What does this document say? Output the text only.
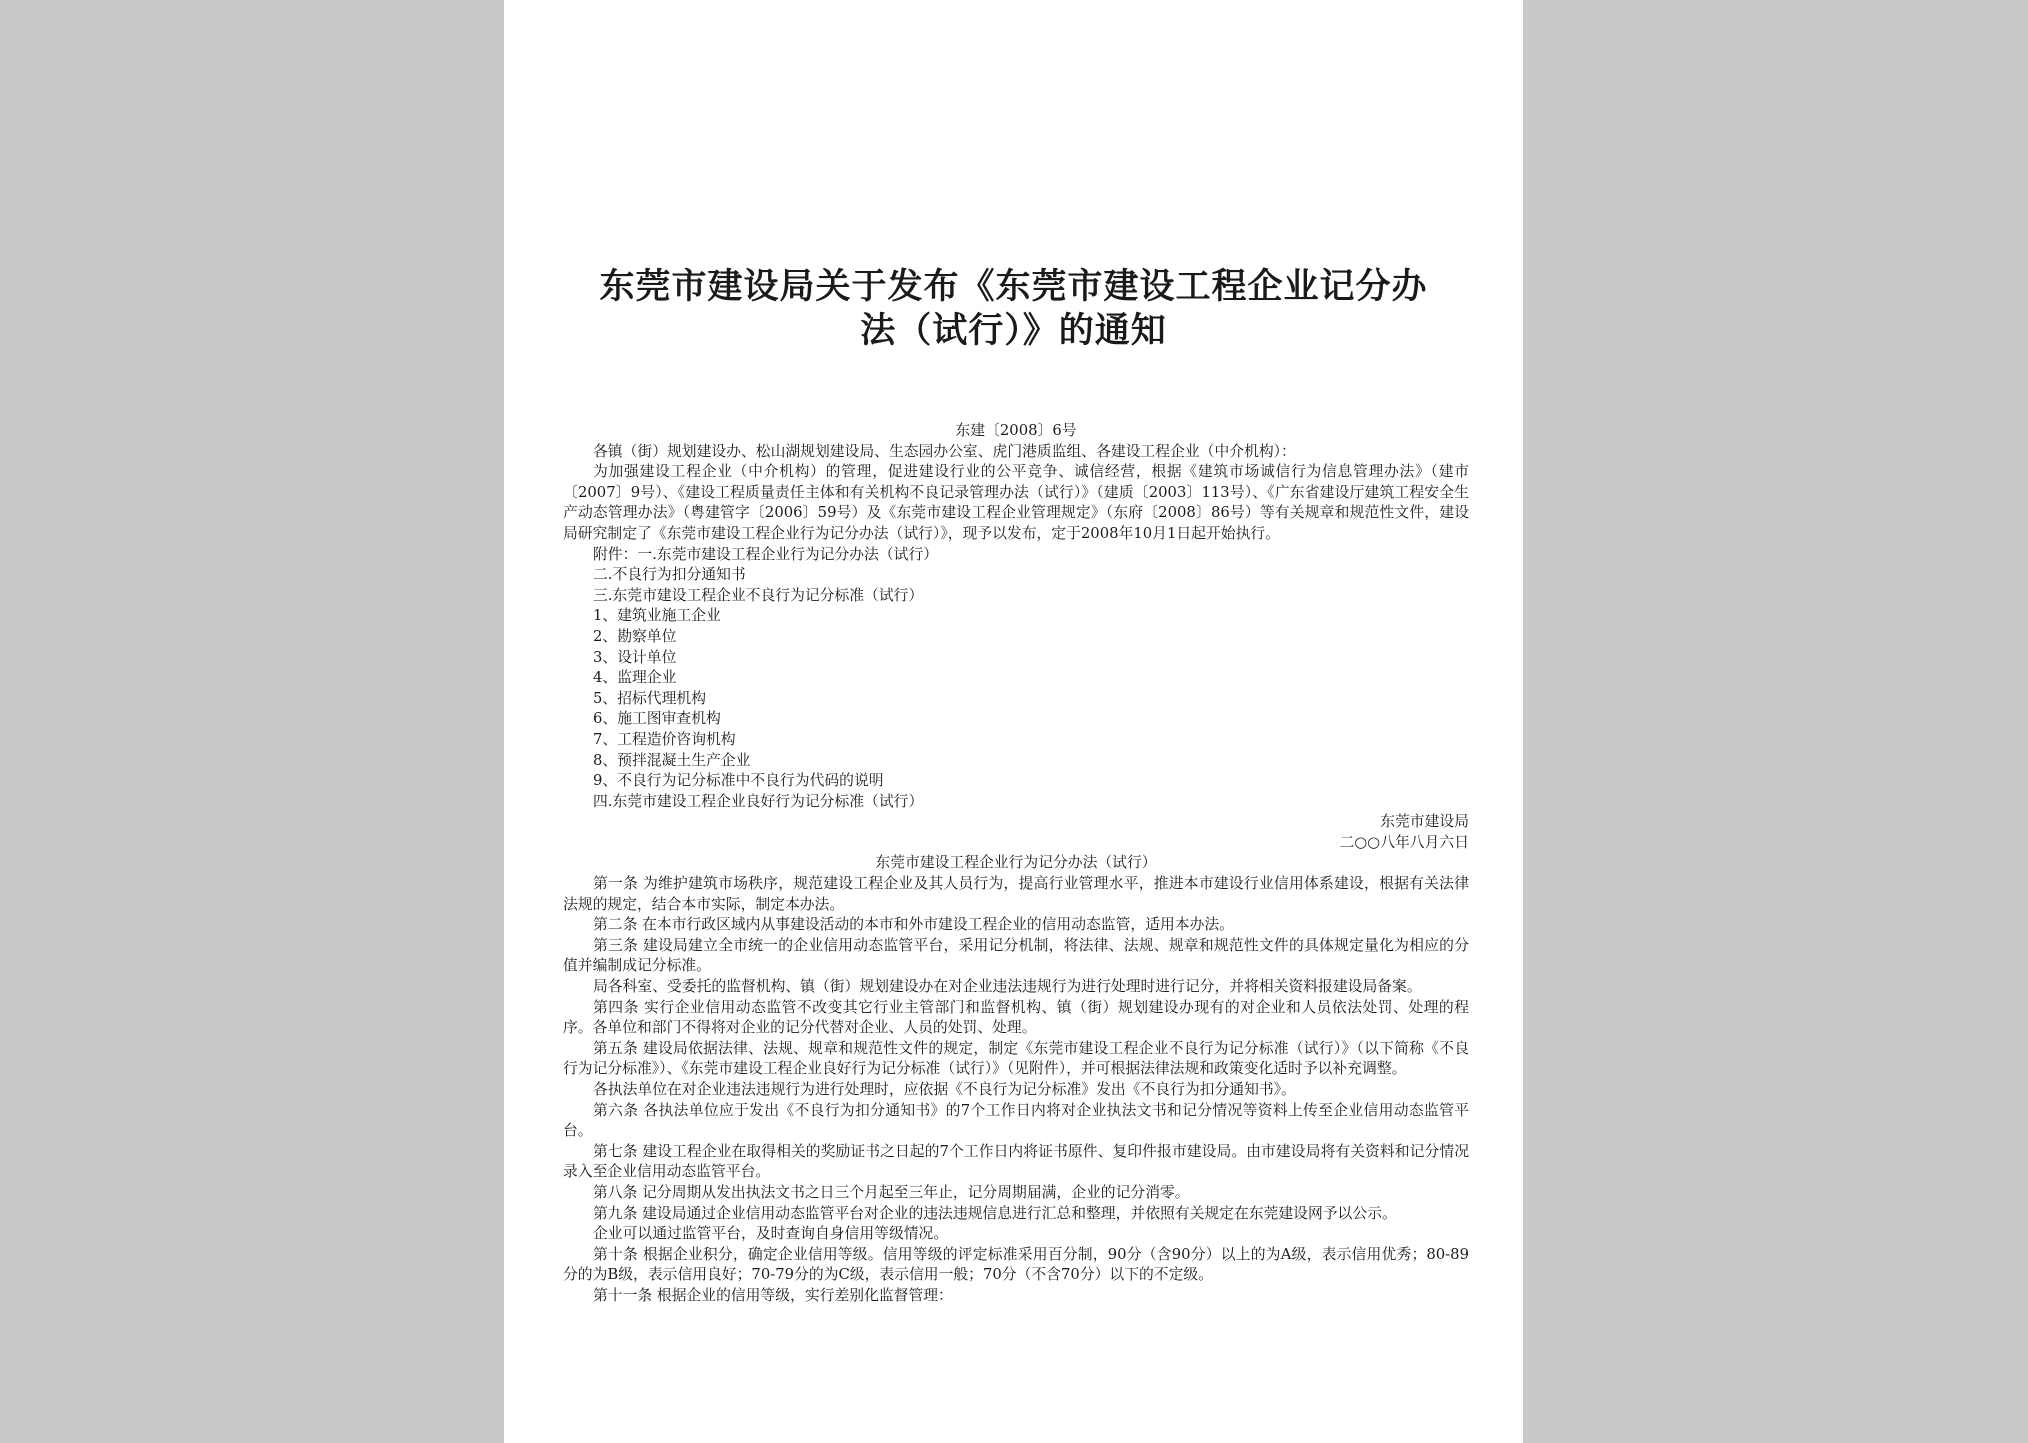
东莞市建设局关于发布《东莞市建设工程企业记分办
法（试行）》的通知

东建〔2008〕6号

各镇（街）规划建设办、松山湖规划建设局、生态园办公室、虎门港质监组、各建设工程企业（中介机构）：

为加强建设工程企业（中介机构）的管理，促进建设行业的公平竞争、诚信经营，根据《建筑市场诚信行为信息管理办法》（建市〔2007〕9号）、《建设工程质量责任主体和有关机构不良记录管理办法（试行）》（建质〔2003〕113号）、《广东省建设厅建筑工程安全生产动态管理办法》（粤建管字〔2006〕59号）及《东莞市建设工程企业管理规定》（东府〔2008〕86号）等有关规章和规范性文件，建设局研究制定了《东莞市建设工程企业行为记分办法（试行）》，现予以发布，定于2008年10月1日起开始执行。

附件：一.东莞市建设工程企业行为记分办法（试行）

二.不良行为扣分通知书

三.东莞市建设工程企业不良行为记分标准（试行）

1、建筑业施工企业

2、勘察单位

3、设计单位

4、监理企业

5、招标代理机构

6、施工图审查机构

7、工程造价咨询机构

8、预拌混凝土生产企业

9、不良行为记分标准中不良行为代码的说明

四.东莞市建设工程企业良好行为记分标准（试行）

东莞市建设局

二○○八年八月六日

东莞市建设工程企业行为记分办法（试行）

第一条 为维护建筑市场秩序，规范建设工程企业及其人员行为，提高行业管理水平，推进本市建设行业信用体系建设，根据有关法律法规的规定，结合本市实际，制定本办法。

第二条 在本市行政区域内从事建设活动的本市和外市建设工程企业的信用动态监管，适用本办法。

第三条 建设局建立全市统一的企业信用动态监管平台，采用记分机制，将法律、法规、规章和规范性文件的具体规定量化为相应的分值并编制成记分标准。

局各科室、受委托的监督机构、镇（街）规划建设办在对企业违法违规行为进行处理时进行记分，并将相关资料报建设局备案。

第四条 实行企业信用动态监管不改变其它行业主管部门和监督机构、镇（街）规划建设办现有的对企业和人员依法处罚、处理的程序。各单位和部门不得将对企业的记分代替对企业、人员的处罚、处理。

第五条 建设局依据法律、法规、规章和规范性文件的规定，制定《东莞市建设工程企业不良行为记分标准（试行）》（以下简称《不良行为记分标准》）、《东莞市建设工程企业良好行为记分标准（试行）》（见附件），并可根据法律法规和政策变化适时予以补充调整。

各执法单位在对企业违法违规行为进行处理时，应依据《不良行为记分标准》发出《不良行为扣分通知书》。

第六条 各执法单位应于发出《不良行为扣分通知书》的7个工作日内将对企业执法文书和记分情况等资料上传至企业信用动态监管平台。

第七条 建设工程企业在取得相关的奖励证书之日起的7个工作日内将证书原件、复印件报市建设局。由市建设局将有关资料和记分情况录入至企业信用动态监管平台。

第八条 记分周期从发出执法文书之日三个月起至三年止，记分周期届满，企业的记分消零。

第九条 建设局通过企业信用动态监管平台对企业的违法违规信息进行汇总和整理，并依照有关规定在东莞建设网予以公示。

企业可以通过监管平台，及时查询自身信用等级情况。

第十条 根据企业积分，确定企业信用等级。信用等级的评定标准采用百分制，90分（含90分）以上的为A级，表示信用优秀；80-89分的为B级，表示信用良好；70-79分的为C级，表示信用一般；70分（不含70分）以下的不定级。

第十一条 根据企业的信用等级，实行差别化监督管理：
